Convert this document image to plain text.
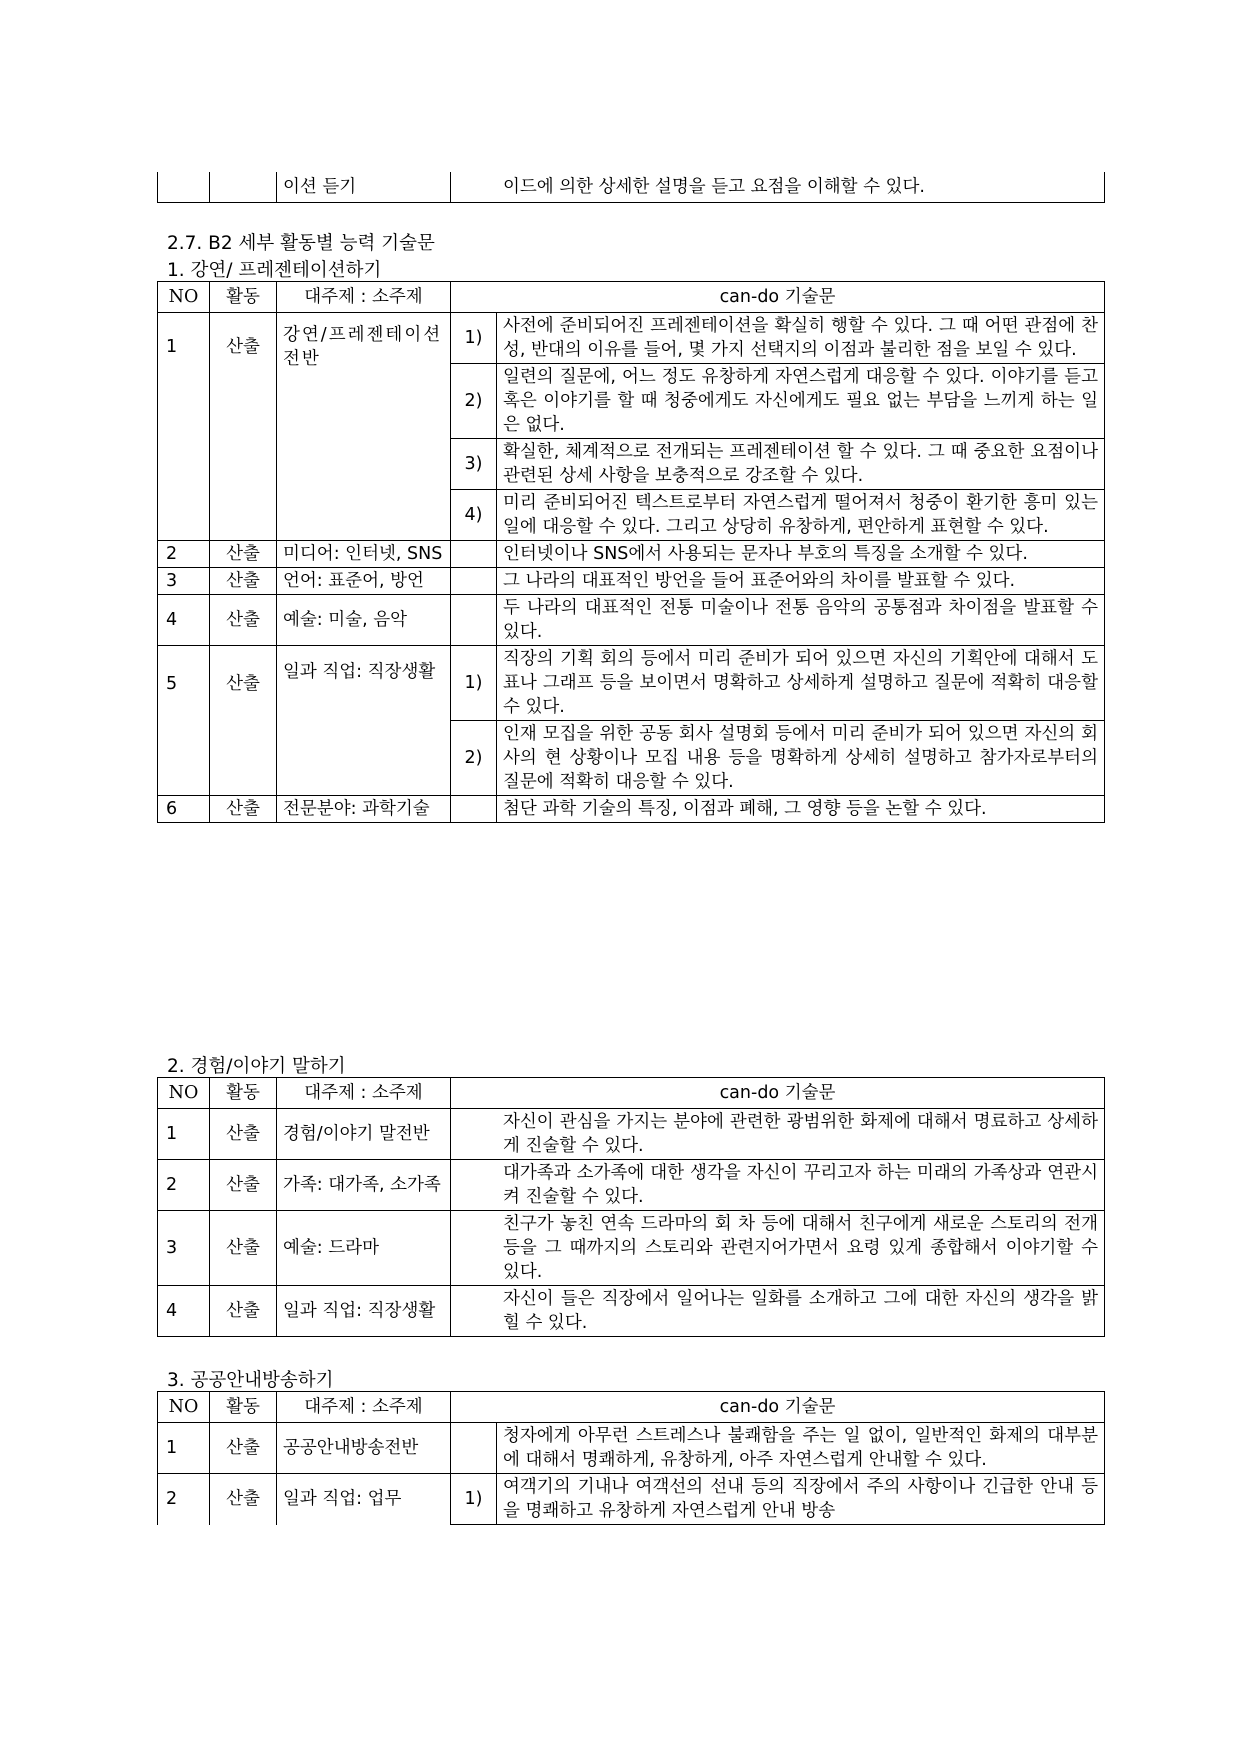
		이션 듣기	이드에 의한 상세한 설명을 듣고 요점을 이해할 수 있다.
2.7. B2 세부 활동별 능력 기술문
1. 강연/ 프레젠테이션하기
NO	활동	대주제 : 소주제	can-do 기술문	
1	산출	강연/프레젠테이션전반	1)	사전에 준비되어진 프레젠테이션을 확실히 행할 수 있다. 그 때 어떤 관점에 찬성, 반대의 이유를 들어, 몇 가지 선택지의 이점과 불리한 점을 보일 수 있다.
			2)	일련의 질문에, 어느 정도 유창하게 자연스럽게 대응할 수 있다. 이야기를 듣고 혹은 이야기를 할 때 청중에게도 자신에게도 필요 없는 부담을 느끼게 하는 일은 없다.
			3)	확실한, 체계적으로 전개되는 프레젠테이션 할 수 있다. 그 때 중요한 요점이나 관련된 상세 사항을 보충적으로 강조할 수 있다.
			4)	미리 준비되어진 텍스트로부터 자연스럽게 떨어져서 청중이 환기한 흥미 있는 일에 대응할 수 있다. 그리고 상당히 유창하게, 편안하게 표현할 수 있다.
2	산출	미디어: 인터넷, SNS		인터넷이나 SNS에서 사용되는 문자나 부호의 특징을 소개할 수 있다.
3	산출	언어: 표준어, 방언		그 나라의 대표적인 방언을 들어 표준어와의 차이를 발표할 수 있다.
4	산출	예술: 미술, 음악		두 나라의 대표적인 전통 미술이나 전통 음악의 공통점과 차이점을 발표할 수 있다.
5	산출	일과 직업: 직장생활	1)	직장의 기획 회의 등에서 미리 준비가 되어 있으면 자신의 기획안에 대해서 도표나 그래프 등을 보이면서 명확하고 상세하게 설명하고 질문에 적확히 대응할 수 있다.
			2)	인재 모집을 위한 공동 회사 설명회 등에서 미리 준비가 되어 있으면 자신의 회사의 현 상황이나 모집 내용 등을 명확하게 상세히 설명하고 참가자로부터의 질문에 적확히 대응할 수 있다.
6	산출	전문분야: 과학기술		첨단 과학 기술의 특징, 이점과 폐해, 그 영향 등을 논할 수 있다.
2. 경험/이야기 말하기
NO	활동	대주제 : 소주제	can-do 기술문
1	산출	경험/이야기 말전반	자신이 관심을 가지는 분야에 관련한 광범위한 화제에 대해서 명료하고 상세하게 진술할 수 있다.
2	산출	가족: 대가족, 소가족	대가족과 소가족에 대한 생각을 자신이 꾸리고자 하는 미래의 가족상과 연관시켜 진술할 수 있다.
3	산출	예술: 드라마	친구가 놓친 연속 드라마의 회 차 등에 대해서 친구에게 새로운 스토리의 전개 등을 그 때까지의 스토리와 관련지어가면서 요령 있게 종합해서 이야기할 수 있다.
4	산출	일과 직업: 직장생활	자신이 들은 직장에서 일어나는 일화를 소개하고 그에 대한 자신의 생각을 밝힐 수 있다.
3. 공공안내방송하기
NO	활동	대주제 : 소주제	can-do 기술문	
1	산출	공공안내방송전반		청자에게 아무런 스트레스나 불쾌함을 주는 일 없이, 일반적인 화제의 대부분에 대해서 명쾌하게, 유창하게, 아주 자연스럽게 안내할 수 있다.
2	산출	일과 직업: 업무	1)	여객기의 기내나 여객선의 선내 등의 직장에서 주의 사항이나 긴급한 안내 등을 명쾌하고 유창하게 자연스럽게 안내 방송
